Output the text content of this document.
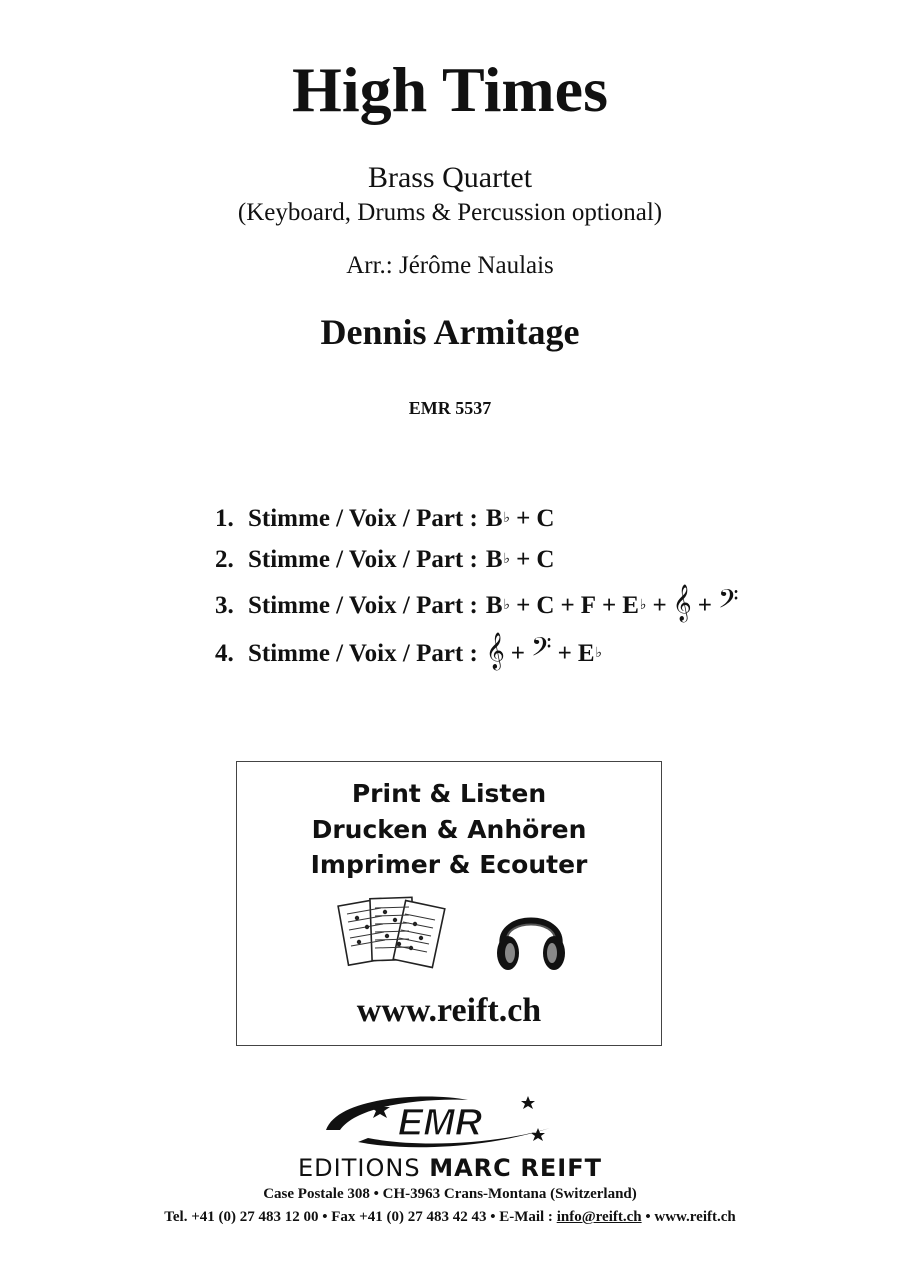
High Times
Brass Quartet
(Keyboard, Drums & Percussion optional)
Arr.: Jérôme Naulais
Dennis Armitage
EMR 5537
1. Stimme / Voix / Part : B♭ + C
2. Stimme / Voix / Part : B♭ + C
3. Stimme / Voix / Part : B♭ + C + F + E♭ + 𝄞 + 𝄢
4. Stimme / Voix / Part : 𝄞 + 𝄢 + E♭
Print & Listen
Drucken & Anhören
Imprimer & Ecouter
www.reift.ch
EMR
EDITIONS MARC REIFT
Case Postale 308 • CH-3963 Crans-Montana (Switzerland)
Tel. +41 (0) 27 483 12 00 • Fax +41 (0) 27 483 42 43 • E-Mail : info@reift.ch • www.reift.ch
